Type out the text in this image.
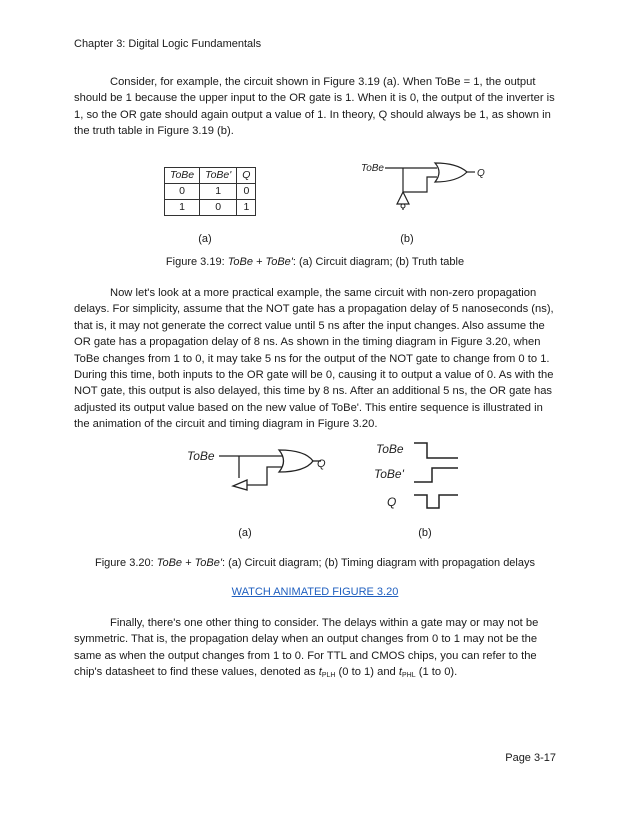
Chapter 3: Digital Logic Fundamentals
Consider, for example, the circuit shown in Figure 3.19 (a). When ToBe = 1, the output should be 1 because the upper input to the OR gate is 1. When it is 0, the output of the inverter is 1, so the OR gate should again output a value of 1. In theory, Q should always be 1, as shown in the truth table in Figure 3.19 (b).
ToBe	ToBe'	Q
0	1	0
1	0	1
ToBe	Q
(a)	(b)
Figure 3.19: ToBe + ToBe': (a) Circuit diagram; (b) Truth table
Now let's look at a more practical example, the same circuit with non-zero propagation delays. For simplicity, assume that the NOT gate has a propagation delay of 5 nanoseconds (ns), that is, it may not generate the correct value until 5 ns after the input changes. Also assume the OR gate has a propagation delay of 8 ns. As shown in the timing diagram in Figure 3.20, when ToBe changes from 1 to 0, it may take 5 ns for the output of the NOT gate to change from 0 to 1. During this time, both inputs to the OR gate will be 0, causing it to output a value of 0. As with the NOT gate, this output is also delayed, this time by 8 ns. After an additional 5 ns, the OR gate has adjusted its output value based on the new value of ToBe'. This entire sequence is illustrated in the animation of the circuit and timing diagram in Figure 3.20.
ToBe
Q
ToBe
ToBe'
Q
(a)	(b)
Figure 3.20: ToBe + ToBe': (a) Circuit diagram; (b) Timing diagram with propagation delays
WATCH ANIMATED FIGURE 3.20
Finally, there's one other thing to consider. The delays within a gate may or may not be symmetric. That is, the propagation delay when an output changes from 0 to 1 may not be the same as when the output changes from 1 to 0. For TTL and CMOS chips, you can refer to the chip's datasheet to find these values, denoted as $t_{PLH}$ (0 to 1) and $t_{PHL}$ (1 to 0).
Page 3-17
